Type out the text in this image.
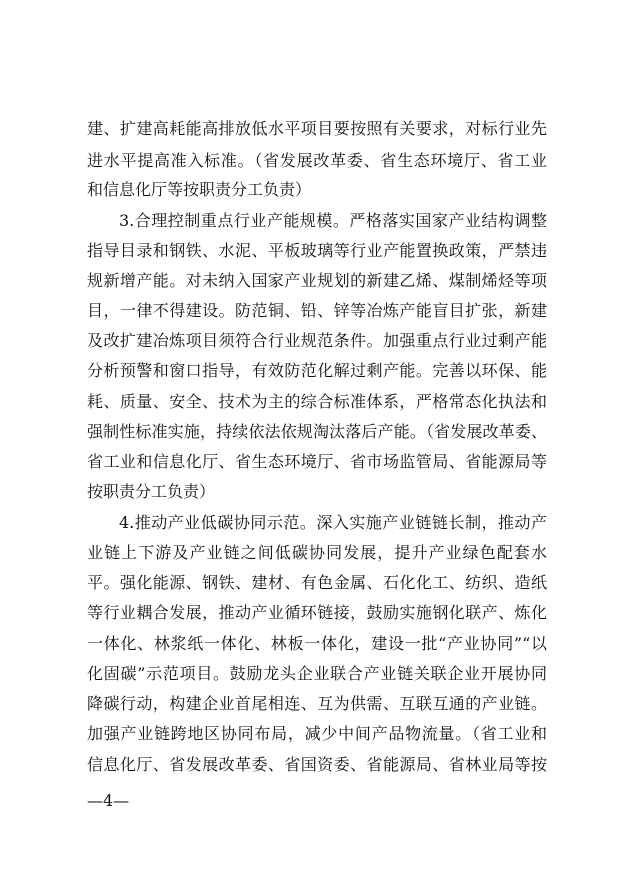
建、扩建高耗能高排放低水平项目要按照有关要求，对标行业先
进水平提高准入标准。（省发展改革委、省生态环境厅、省工业
和信息化厅等按职责分工负责）
3.合理控制重点行业产能规模。严格落实国家产业结构调整
指导目录和钢铁、水泥、平板玻璃等行业产能置换政策，严禁违
规新增产能。对未纳入国家产业规划的新建乙烯、煤制烯烃等项
目，一律不得建设。防范铜、铅、锌等冶炼产能盲目扩张，新建
及改扩建冶炼项目须符合行业规范条件。加强重点行业过剩产能
分析预警和窗口指导，有效防范化解过剩产能。完善以环保、能
耗、质量、安全、技术为主的综合标准体系，严格常态化执法和
强制性标准实施，持续依法依规淘汰落后产能。（省发展改革委、
省工业和信息化厅、省生态环境厅、省市场监管局、省能源局等
按职责分工负责）
4.推动产业低碳协同示范。深入实施产业链链长制，推动产
业链上下游及产业链之间低碳协同发展，提升产业绿色配套水
平。强化能源、钢铁、建材、有色金属、石化化工、纺织、造纸
等行业耦合发展，推动产业循环链接，鼓励实施钢化联产、炼化
一体化、林浆纸一体化、林板一体化，建设一批“产业协同”“以
化固碳”示范项目。鼓励龙头企业联合产业链关联企业开展协同
降碳行动，构建企业首尾相连、互为供需、互联互通的产业链。
加强产业链跨地区协同布局，减少中间产品物流量。（省工业和
信息化厅、省发展改革委、省国资委、省能源局、省林业局等按
—4—
